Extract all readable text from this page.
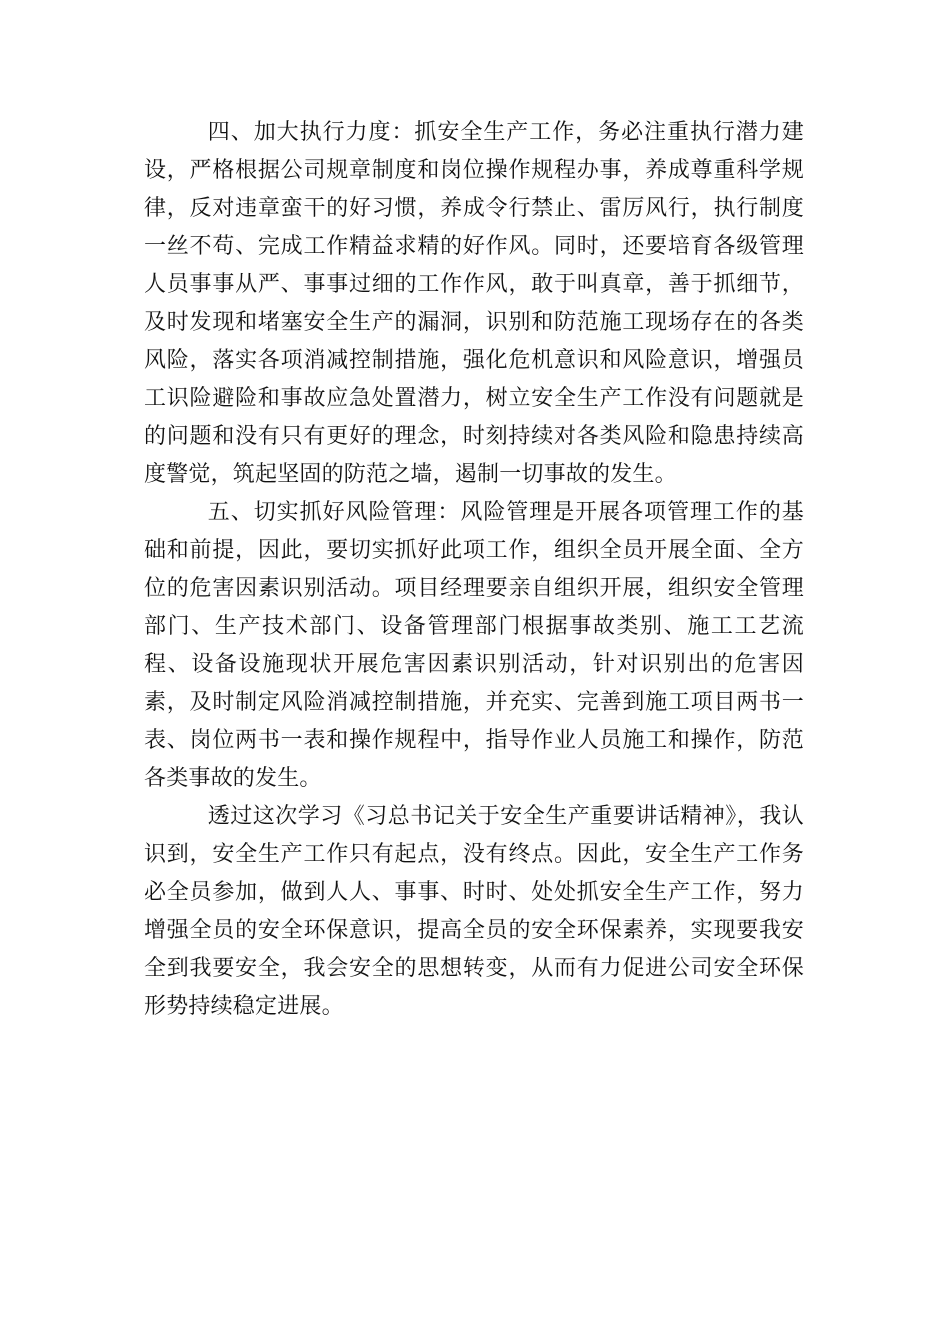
四、加大执行力度：抓安全生产工作，务必注重执行潜力建设，严格根据公司规章制度和岗位操作规程办事，养成尊重科学规律，反对违章蛮干的好习惯，养成令行禁止、雷厉风行，执行制度一丝不苟、完成工作精益求精的好作风。同时，还要培育各级管理人员事事从严、事事过细的工作作风，敢于叫真章，善于抓细节，及时发现和堵塞安全生产的漏洞，识别和防范施工现场存在的各类风险，落实各项消减控制措施，强化危机意识和风险意识，增强员工识险避险和事故应急处置潜力，树立安全生产工作没有问题就是的问题和没有只有更好的理念，时刻持续对各类风险和隐患持续高度警觉，筑起坚固的防范之墙，遏制一切事故的发生。

五、切实抓好风险管理：风险管理是开展各项管理工作的基础和前提，因此，要切实抓好此项工作，组织全员开展全面、全方位的危害因素识别活动。项目经理要亲自组织开展，组织安全管理部门、生产技术部门、设备管理部门根据事故类别、施工工艺流程、设备设施现状开展危害因素识别活动，针对识别出的危害因素，及时制定风险消减控制措施，并充实、完善到施工项目两书一表、岗位两书一表和操作规程中，指导作业人员施工和操作，防范各类事故的发生。

透过这次学习《习总书记关于安全生产重要讲话精神》，我认识到，安全生产工作只有起点，没有终点。因此，安全生产工作务必全员参加，做到人人、事事、时时、处处抓安全生产工作，努力增强全员的安全环保意识，提高全员的安全环保素养，实现要我安全到我要安全，我会安全的思想转变，从而有力促进公司安全环保形势持续稳定进展。
